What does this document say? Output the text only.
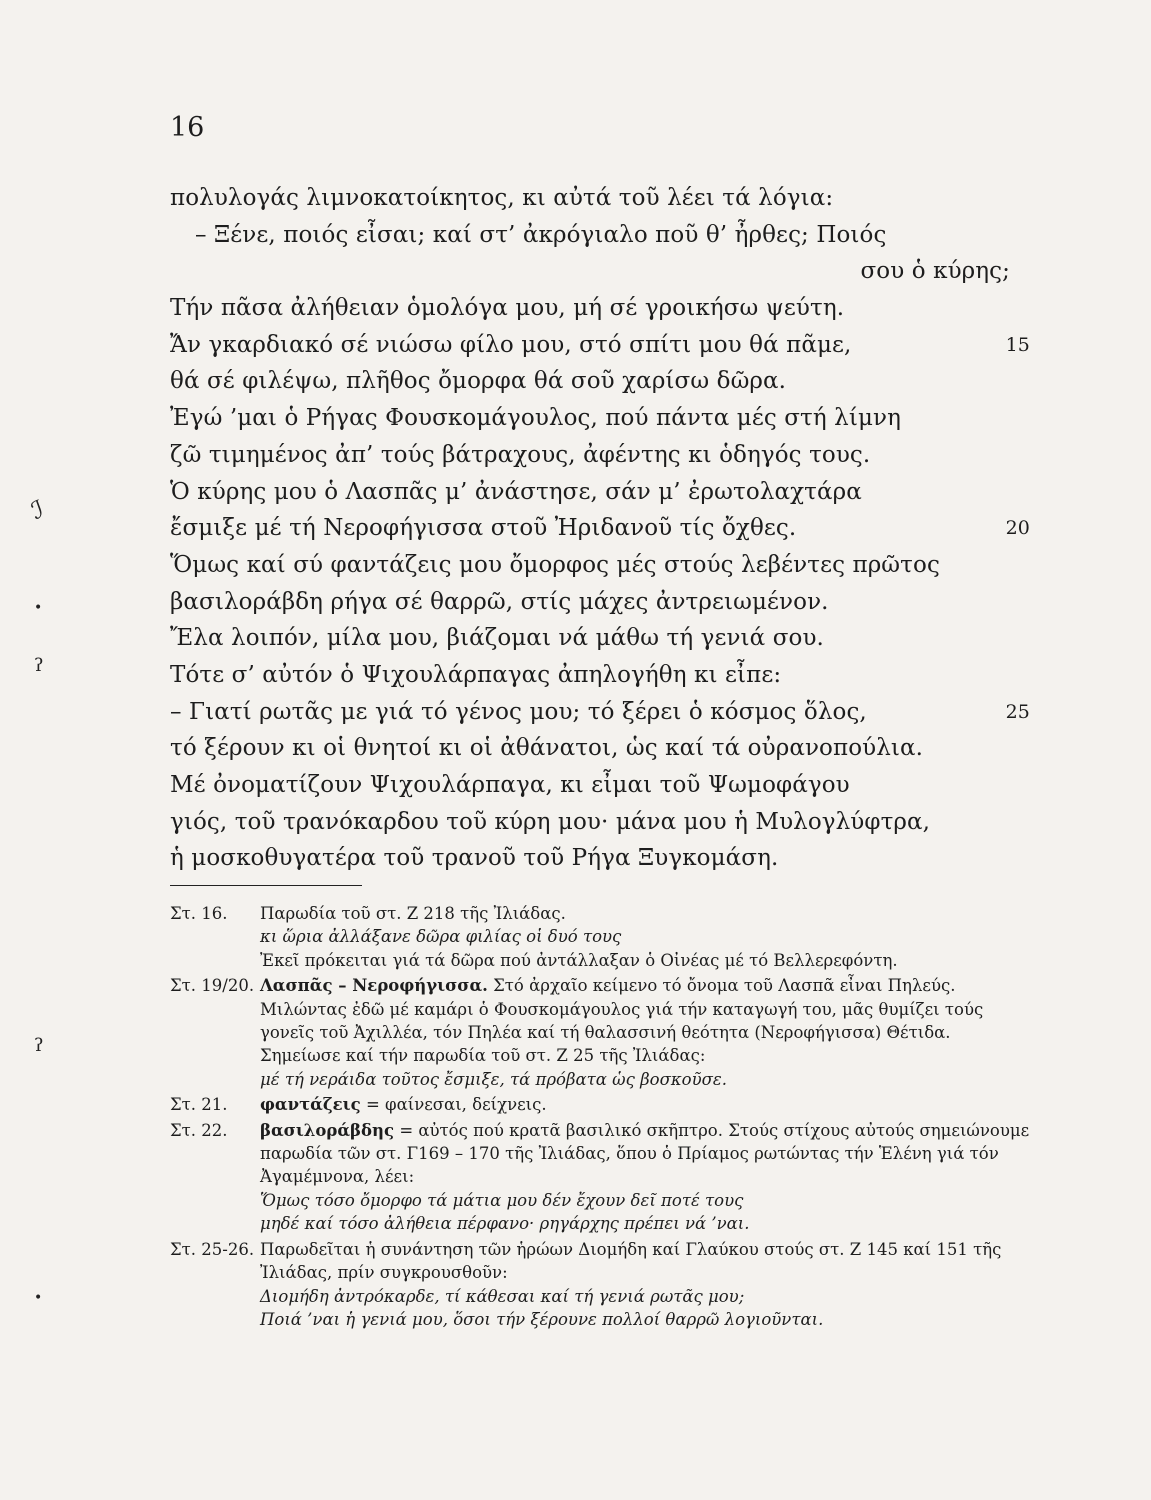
16
πολυλογάς λιμνοκατοίκητος, κι αὐτά τοῦ λέει τά λόγια:
– Ξένε, ποιός εἶσαι; καί στ’ ἀκρόγιαλο ποῦ θ’ ἦρθες; Ποιός
σου ὁ κύρης;
Τήν πᾶσα ἀλήθειαν ὁμολόγα μου, μή σέ γροικήσω ψεύτη.
Ἄν γκαρδιακό σέ νιώσω φίλο μου, στό σπίτι μου θά πᾶμε,	15
θά σέ φιλέψω, πλῆθος ὄμορφα θά σοῦ χαρίσω δῶρα.
Ἐγώ ’μαι ὁ Ρήγας Φουσκομάγουλος, πού πάντα μές στή λίμνη
ζῶ τιμημένος ἀπ’ τούς βάτραχους, ἀφέντης κι ὁδηγός τους.
Ὁ κύρης μου ὁ Λασπᾶς μ’ ἀνάστησε, σάν μ’ ἐρωτολαχτάρα
ἔσμιξε μέ τή Νεροφήγισσα στοῦ Ἠριδανοῦ τίς ὄχθες.	20
Ὅμως καί σύ φαντάζεις μου ὄμορφος μές στούς λεβέντες πρῶτος
βασιλοράβδη ρήγα σέ θαρρῶ, στίς μάχες ἀντρειωμένον.
Ἔλα λοιπόν, μίλα μου, βιάζομαι νά μάθω τή γενιά σου.
Τότε σ’ αὐτόν ὁ Ψιχουλάρπαγας ἀπηλογήθη κι εἶπε:
– Γιατί ρωτᾶς με γιά τό γένος μου; τό ξέρει ὁ κόσμος ὅλος,	25
τό ξέρουν κι οἱ θνητοί κι οἱ ἀθάνατοι, ὡς καί τά οὐρανοπούλια.
Μέ ὀνοματίζουν Ψιχουλάρπαγα, κι εἶμαι τοῦ Ψωμοφάγου
γιός, τοῦ τρανόκαρδου τοῦ κύρη μου· μάνα μου ἡ Μυλογλύφτρα,
ἡ μοσκοθυγατέρα τοῦ τρανοῦ τοῦ Ρήγα Ξυγκομάση.
Στ. 16. Παρωδία τοῦ στ. Ζ 218 τῆς Ἰλιάδας.
κι ὥρια ἀλλάξανε δῶρα φιλίας οἱ δυό τους
Ἐκεῖ πρόκειται γιά τά δῶρα πού ἀντάλλαξαν ὁ Οἰνέας μέ τό Βελλερεφόντη.
Στ. 19/20. Λασπᾶς – Νεροφήγισσα. Στό ἀρχαῖο κείμενο τό ὄνομα τοῦ Λασπᾶ εἶναι Πηλεύς. Μιλώντας ἐδῶ μέ καμάρι ὁ Φουσκομάγουλος γιά τήν καταγωγή του, μᾶς θυμίζει τούς γονεῖς τοῦ Ἀχιλλέα, τόν Πηλέα καί τή θαλασσινή θεότητα (Νεροφήγισσα) Θέτιδα. Σημείωσε καί τήν παρωδία τοῦ στ. Ζ 25 τῆς Ἰλιάδας:
μέ τή νεράιδα τοῦτος ἔσμιξε, τά πρόβατα ὡς βοσκοῦσε.
Στ. 21. φαντάζεις = φαίνεσαι, δείχνεις.
Στ. 22. βασιλοράβδης = αὐτός πού κρατᾶ βασιλικό σκῆπτρο. Στούς στίχους αὐτούς σημειώνουμε παρωδία τῶν στ. Γ169 – 170 τῆς Ἰλιάδας, ὅπου ὁ Πρίαμος ρωτώντας τήν Ἑλένη γιά τόν Ἀγαμέμνονα, λέει:
Ὅμως τόσο ὄμορφο τά μάτια μου δέν ἔχουν δεῖ ποτέ τους
μηδέ καί τόσο ἀλήθεια πέρφανο· ρηγάρχης πρέπει νά ’ναι.
Στ. 25-26. Παρωδεῖται ἡ συνάντηση τῶν ἡρώων Διομήδη καί Γλαύκου στούς στ. Ζ 145 καί 151 τῆς Ἰλιάδας, πρίν συγκρουσθοῦν:
Διομήδη ἀντρόκαρδε, τί κάθεσαι καί τή γενιά ρωτᾶς μου;
Ποιά ’ναι ἡ γενιά μου, ὅσοι τήν ξέρουνε πολλοί θαρρῶ λογιοῦνται.
ℐ
•
ʔ
ʔ
•
